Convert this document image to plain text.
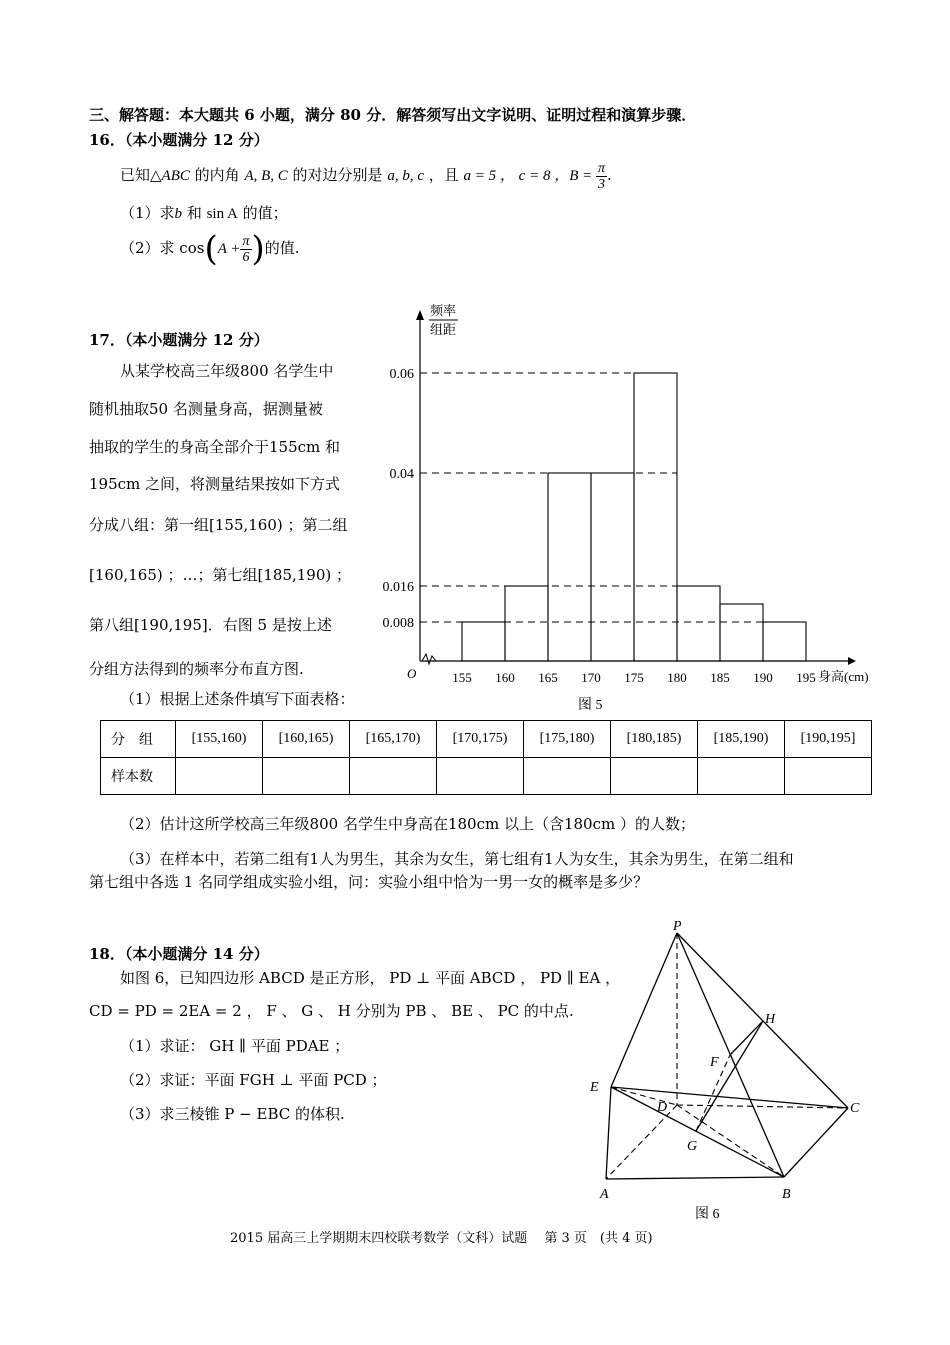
三、解答题：本大题共 6 小题，满分 80 分．解答须写出文字说明、证明过程和演算步骤．
16．（本小题满分 12 分）
已知△ABC 的内角 A, B, C 的对边分别是 a, b, c ，且 a = 5 ， c = 8 ，$B = \frac{\pi}{3}$ .
（1）求b 和 sin A 的值；
（2）求 $\cos(A + \frac{\pi}{6}$ )的值.
17．（本小题满分 12 分）
从某学校高三年级800 名学生中
随机抽取50 名测量身高，据测量被
抽取的学生的身高全部介于155cm 和
195cm 之间，将测量结果按如下方式
分成八组：第一组[155,160) ；第二组
[160,165) ；…；第七组[185,190) ；
第八组[190,195]．右图 5 是按上述
分组方法得到的频率分布直方图.
（1）根据上述条件填写下面表格：
0.06
0.04
0.016
0.008
155 160 165 170 175 180 185 190 195
频率
组距
O	身高(cm)
图 5
分　组	[155,160)	[160,165)	[165,170)	[170,175)	[175,180)	[180,185)	[185,190)	[190,195]
样本数								
（2）估计这所学校高三年级800 名学生中身高在180cm 以上（含180cm ）的人数；
（3）在样本中，若第二组有1人为男生，其余为女生，第七组有1人为女生，其余为男生，在第二组和
第七组中各选 1 名同学组成实验小组，问：实验小组中恰为一男一女的概率是多少？
18．（本小题满分 14 分）
如图 6，已知四边形 ABCD 是正方形， PD ⊥ 平面 ABCD ， PD ∥ EA ，
CD = PD = 2EA = 2 ， F 、 G 、 H 分别为 PB 、 BE 、 PC 的中点.
（1）求证： GH ∥ 平面 PDAE ；
（2）求证：平面 FGH ⊥ 平面 PCD ；
（3）求三棱锥 P − EBC 的体积.
P
H
F
E
D	C
G
A	B
图 6
2015 届高三上学期期末四校联考数学（文科）试题　 第 3 页　(共 4 页)
